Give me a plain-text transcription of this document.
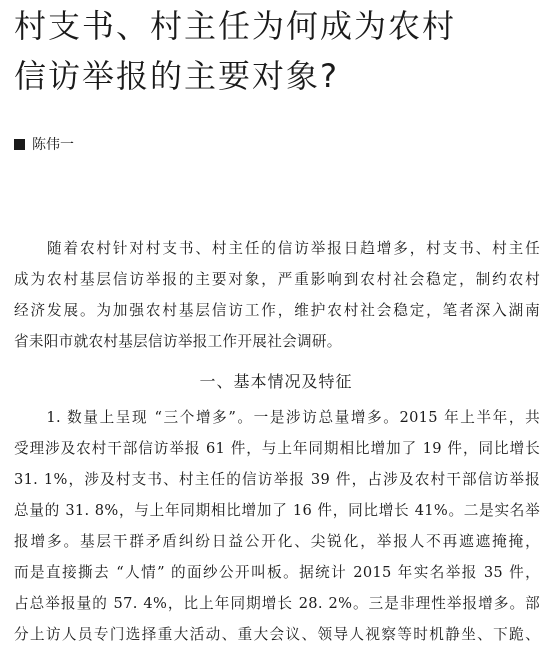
村支书、村主任为何成为农村
信访举报的主要对象?
陈伟一
　　随着农村针对村支书、村主任的信访举报日趋增多，村支书、村主任
成为农村基层信访举报的主要对象，严重影响到农村社会稳定，制约农村
经济发展。为加强农村基层信访工作，维护农村社会稳定，笔者深入湖南
省耒阳市就农村基层信访举报工作开展社会调研。
一、基本情况及特征
　　1. 数量上呈现 “三个增多”。一是涉访总量增多。2015 年上半年，共
受理涉及农村干部信访举报 61 件，与上年同期相比增加了 19 件，同比增长
31. 1%，涉及村支书、村主任的信访举报 39 件，占涉及农村干部信访举报
总量的 31. 8%，与上年同期相比增加了 16 件，同比增长 41%。二是实名举
报增多。基层干群矛盾纠纷日益公开化、尖锐化，举报人不再遮遮掩掩，
而是直接撕去 “人情” 的面纱公开叫板。据统计 2015 年实名举报 35 件，
占总举报量的 57. 4%，比上年同期增长 28. 2%。三是非理性举报增多。部
分上访人员专门选择重大活动、重大会议、领导人视察等时机静坐、下跪、
